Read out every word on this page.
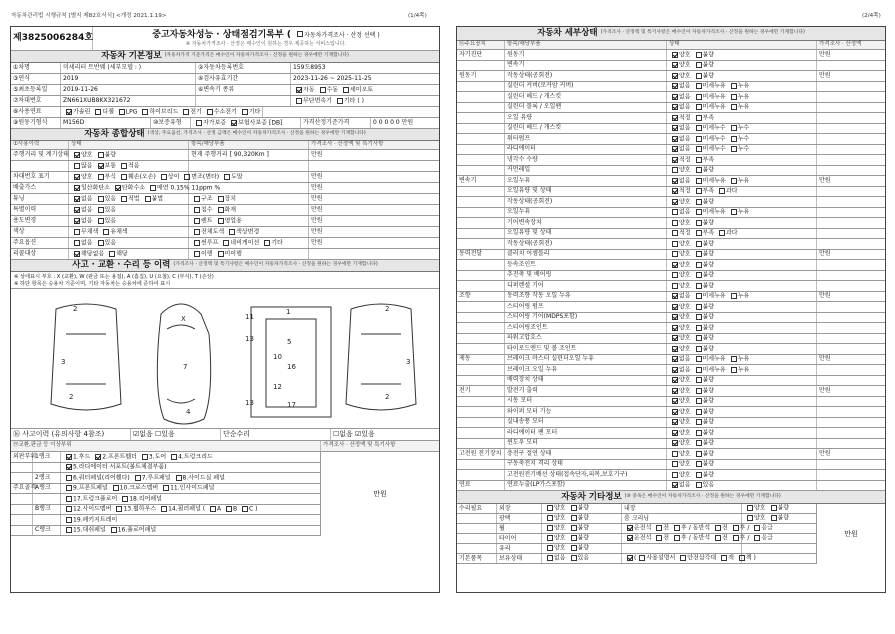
자동차관리법 시행규칙 [별지 제82호서식] <개정 2021.1.19>	(1/4쪽)	(2/4쪽)
제 3825006284호	중고자동차성능 · 상태점검기록부 ( 자동차가격조사 · 산정 선택 )
※ 자동차가격조사 · 산정은 매수인이 원하는 경우 제공하는 서비스입니다.
자동차 기본정보 (자동차가격 기준가격은 매수인이 자동차가격조사 · 산정을 원하는 경우에만 기재합니다)
①차명	미세리터 트반웨 (세부모델 : )	②자동차등록번호	159도8953
③연식	2019	④검사유효기간	2023-11-26 ~ 2025-11-25
⑤최초등록일	2019-11-26	⑥변속기 종류	자동 수동 세미오토
⑦차대번호	ZN661XUB8KX321672	무단변속기 기타 ( )
⑧사용연료	가솔린 디젤 LPG 하이브리드 전기 수소전기 기타
⑨원동기형식	M156D	⑩보증유형	자가보증 보험사보증 [DB]	가격산정기준가격	0 0 0 0 0 만원
자동차 종합상태 (색상, 주요옵션, 가격조사 · 산정 금액은 매수인이 자동차가격조사 · 산정을 원하는 경우에만 기재합니다)
①사용이력	상태	항목/해당부품	가격조사 · 산정액 및 특기사항
주행거리 및 계기상태	양호 불량	현재 주행거리 [ 90,320Km ]	만원
많음 보통 적음
차대번호 표기	양호 부식 훼손(오손) 상이 변조(변타) 도말	만원
배출가스	일산화탄소 탄화수소 매연 0.15% 11ppm %	만원
튜닝	없음 있음 적법 불법	구조 장치	만원
특별이력	없음 있음	침수 화재	만원
용도변경	없음 있음	렌트 영업용	만원
색상	무채색 유채색	전체도색 색상변경	만원
주요옵션	없음 있음	썬루프 네비게이션 기타	만원
리콜대상	해당없음 해당	이행 미이행
사고 · 교환 · 수리 등 이력 (가격조사 · 산정액 및 특기사항은 매수인이 자동차가격조사 · 산정을 원하는 경우에만 기재합니다)
※ 상태표시 부호 : X (교환), W (판금 또는 용접), A (흠집), U (요철), C (부식), T (손상)
※ 하단 항목은 승용차 기준이며, 기타 자동차는 승용차에 준하여 표시
2
3
2
X
7
4
1
11
13	5
10
16
12
17
13
2
3
2
⑯ 사고이력 (유의사항 4참조)	☑없음 ☐있음	단순수리	☐없음 ☑있음
⑲교환,판금 등 이상부위	가격조사 · 산정액 및 특기사항
외판부위
1랭크	1.후드 2.프론트휀더 3.도어 4.트렁크리드
5.라디에이터 서포트(볼트체결부품)
2랭크	6.쿼터패널(리어휀다) 7.루프패널 8.사이드실 패널
주요골격
A랭크	9.프론트패널 10.크로스멤버 11.인사이드패널
17.트렁크플로어 18.리어패널
B랭크	12.사이드멤버 13.휠하우스 14.필러패널 ( A B C )
19.패키지트레이
C랭크	15.대쉬패널 16.플로어패널
만원
자동차 세부상태 (가격조사 · 산정액 및 특기사항은 매수인이 자동차가격조사 · 산정을 원하는 경우에만 기재합니다)
⑯주요장치	항목/해당부품	상태	가격조사 · 산정액
자기진단	원동기	양호 불량	만원
변속기	양호 불량
원동기	작동상태(공회전)	양호 불량	만원
실린더 커버(로커암 커버)	없음 미세누유 누유
실린더 헤드 / 개스킷	없음 미세누유 누유
실린더 블록 / 오일팬	없음 미세누유 누유
오일 유량	적정 부족
실린더 헤드 / 개스킷	없음 미세누수 누수
워터펌프	없음 미세누수 누수
라디에이터	없음 미세누수 누수
냉각수 수량	적정 부족
커먼레일	양호 불량
변속기	오일누유	없음 미세누유 누유	만원
오일유량 및 상태	적정 부족 과다
작동상태(공회전)	양호 불량
오일누유	없음 미세누유 누유
기어변속장치	양호 불량
오일유량 및 상태	적정 부족 과다
작동상태(공회전)	양호 불량
동력전달	클러치 어셈블리	양호 불량	만원
등속조인트	양호 불량
추진축 및 베어링	양호 불량
디퍼렌셜 기어	양호 불량
조향	동력조향 작동 오일 누유	없음 미세누유 누유	만원
스티어링 펌프	양호 불량
스티어링 기어(MDPS포함)	양호 불량
스티어링조인트	양호 불량
파워고압호스	양호 불량
타이로드엔드 및 볼 조인트	양호 불량
제동	브레이크 마스터 실린더오일 누유	없음 미세누유 누유	만원
브레이크 오일 누유	없음 미세누유 누유
배력장치 상태	양호 불량
전기	발전기 출력	양호 불량	만원
시동 모터	양호 불량
와이퍼 모터 기능	양호 불량
실내송풍 모터	양호 불량
라디에이터 팬 모터	양호 불량
윈도우 모터	양호 불량
고전원 전기장치 충전구 절연 상태	양호 불량	만원
구동축전지 격리 상태	양호 불량
고전원전기배선 상태(접속단자,피복,보호기구)	양호 불량
연료	연료누출(LP가스포함)	없음 있음
자동차 기타정보 (⑩ 중독은 매수인이 자동차가격조사 · 산정을 원하는 경우에만 기재합니다)
수리필요	외장	양호 불량	내장	양호 불량
광택	양호 불량	룸 크리닝	양호 불량
휠	양호 불량	운전석 전 후 / 동반석 전 후 / 응급
타이어	양호 불량	운전석 전 후 / 동반석 전 후 / 응급
유리	양호 불량
기본품목	보유상태	없음 있음	( 사용설명서 안전삼각대 잭 책 )
만원
